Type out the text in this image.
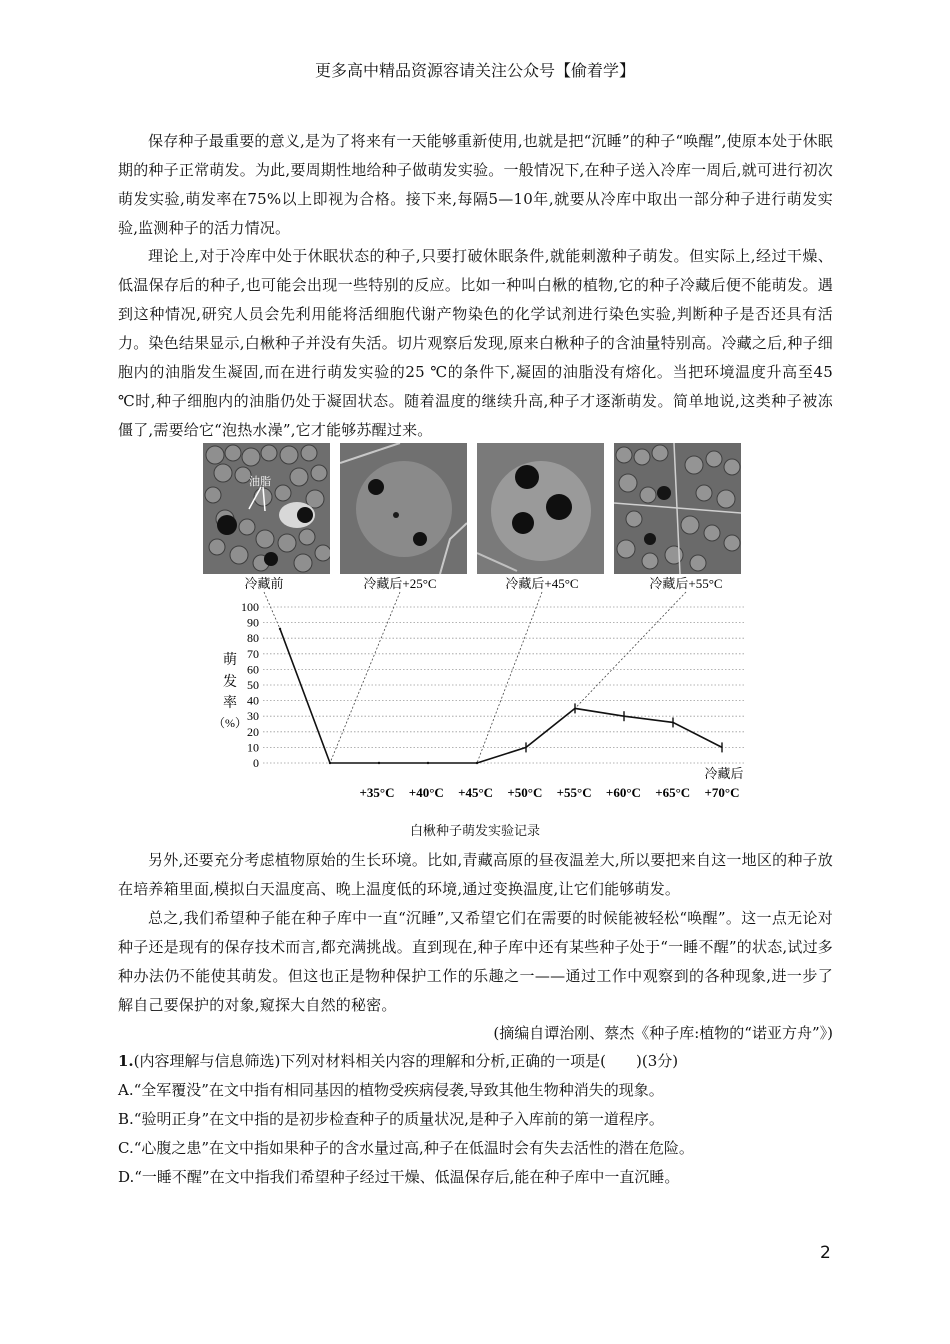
更多高中精品资源容请关注公众号【偷着学】

保存种子最重要的意义,是为了将来有一天能够重新使用,也就是把“沉睡”的种子“唤醒”,使原本处于休眠期的种子正常萌发。为此,要周期性地给种子做萌发实验。一般情况下,在种子送入冷库一周后,就可进行初次萌发实验,萌发率在75%以上即视为合格。接下来,每隔5—10年,就要从冷库中取出一部分种子进行萌发实验,监测种子的活力情况。

理论上,对于冷库中处于休眠状态的种子,只要打破休眠条件,就能刺激种子萌发。但实际上,经过干燥、低温保存后的种子,也可能会出现一些特别的反应。比如一种叫白楸的植物,它的种子冷藏后便不能萌发。遇到这种情况,研究人员会先利用能将活细胞代谢产物染色的化学试剂进行染色实验,判断种子是否还具有活力。染色结果显示,白楸种子并没有失活。切片观察后发现,原来白楸种子的含油量特别高。冷藏之后,种子细胞内的油脂发生凝固,而在进行萌发实验的25 ℃的条件下,凝固的油脂没有熔化。当把环境温度升高至45 ℃时,种子细胞内的油脂仍处于凝固状态。随着温度的继续升高,种子才逐渐萌发。简单地说,这类种子被冻僵了,需要给它“泡热水澡”,它才能够苏醒过来。

油脂
冷藏前	冷藏后+25°C	冷藏后+45°C	冷藏后+55°C
萌
发
率
（%）
0
10
20
30
40
50
60
70
80
90
100
+35°C +40°C +45°C +50°C +55°C +60°C +65°C +70°C
冷藏后
白楸种子萌发实验记录

另外,还要充分考虑植物原始的生长环境。比如,青藏高原的昼夜温差大,所以要把来自这一地区的种子放在培养箱里面,模拟白天温度高、晚上温度低的环境,通过变换温度,让它们能够萌发。

总之,我们希望种子能在种子库中一直“沉睡”,又希望它们在需要的时候能被轻松“唤醒”。这一点无论对种子还是现有的保存技术而言,都充满挑战。直到现在,种子库中还有某些种子处于“一睡不醒”的状态,试过多种办法仍不能使其萌发。但这也正是物种保护工作的乐趣之一——通过工作中观察到的各种现象,进一步了解自己要保护的对象,窥探大自然的秘密。

(摘编自谭治刚、蔡杰《种子库:植物的“诺亚方舟”》)
1.(内容理解与信息筛选)下列对材料相关内容的理解和分析,正确的一项是(　　)(3分)
A.“全军覆没”在文中指有相同基因的植物受疾病侵袭,导致其他生物种消失的现象。
B.“验明正身”在文中指的是初步检查种子的质量状况,是种子入库前的第一道程序。
C.“心腹之患”在文中指如果种子的含水量过高,种子在低温时会有失去活性的潜在危险。
D.“一睡不醒”在文中指我们希望种子经过干燥、低温保存后,能在种子库中一直沉睡。
2
